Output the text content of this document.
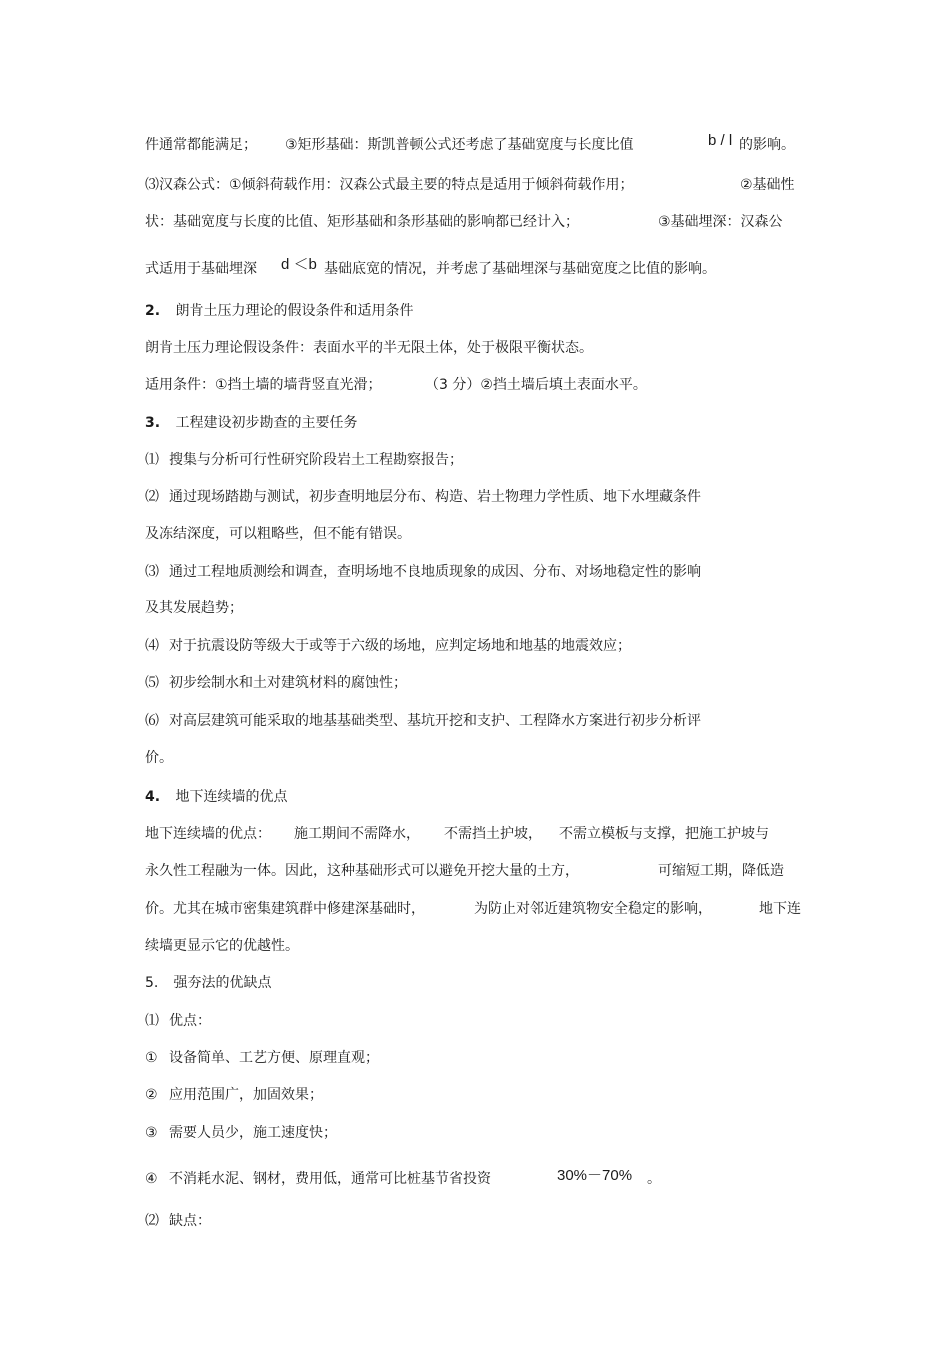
件通常都能满足； ③矩形基础：斯凯普顿公式还考虑了基础宽度与长度比值	b / l 的影响。
⑶汉森公式：①倾斜荷载作用：汉森公式最主要的特点是适用于倾斜荷载作用；	②基础性
状：基础宽度与长度的比值、矩形基础和条形基础的影响都已经计入；	③基础埋深：汉森公
式适用于基础埋深 d ＜b 基础底宽的情况，并考虑了基础埋深与基础宽度之比值的影响。
2. 朗肯土压力理论的假设条件和适用条件
朗肯土压力理论假设条件：表面水平的半无限土体，处于极限平衡状态。
适用条件：①挡土墙的墙背竖直光滑；	（3 分）②挡土墙后填土表面水平。
3. 工程建设初步勘查的主要任务
⑴ 搜集与分析可行性研究阶段岩土工程勘察报告；
⑵ 通过现场踏勘与测试，初步查明地层分布、构造、岩土物理力学性质、地下水埋藏条件
及冻结深度，可以粗略些，但不能有错误。
⑶ 通过工程地质测绘和调查，查明场地不良地质现象的成因、分布、对场地稳定性的影响
及其发展趋势；
⑷ 对于抗震设防等级大于或等于六级的场地，应判定场地和地基的地震效应；
⑸ 初步绘制水和土对建筑材料的腐蚀性；
⑹ 对高层建筑可能采取的地基基础类型、基坑开挖和支护、工程降水方案进行初步分析评
价。
4. 地下连续墙的优点
地下连续墙的优点： 施工期间不需降水， 不需挡土护坡， 不需立模板与支撑，把施工护坡与
永久性工程融为一体。因此，这种基础形式可以避免开挖大量的土方，	可缩短工期，降低造
价。尤其在城市密集建筑群中修建深基础时，	为防止对邻近建筑物安全稳定的影响，	地下连
续墙更显示它的优越性。
5. 强夯法的优缺点
⑴ 优点：
① 设备简单、工艺方便、原理直观；
② 应用范围广，加固效果；
③ 需要人员少，施工速度快；
④ 不消耗水泥、钢材，费用低，通常可比桩基节省投资	30%－70% 。
⑵ 缺点：
